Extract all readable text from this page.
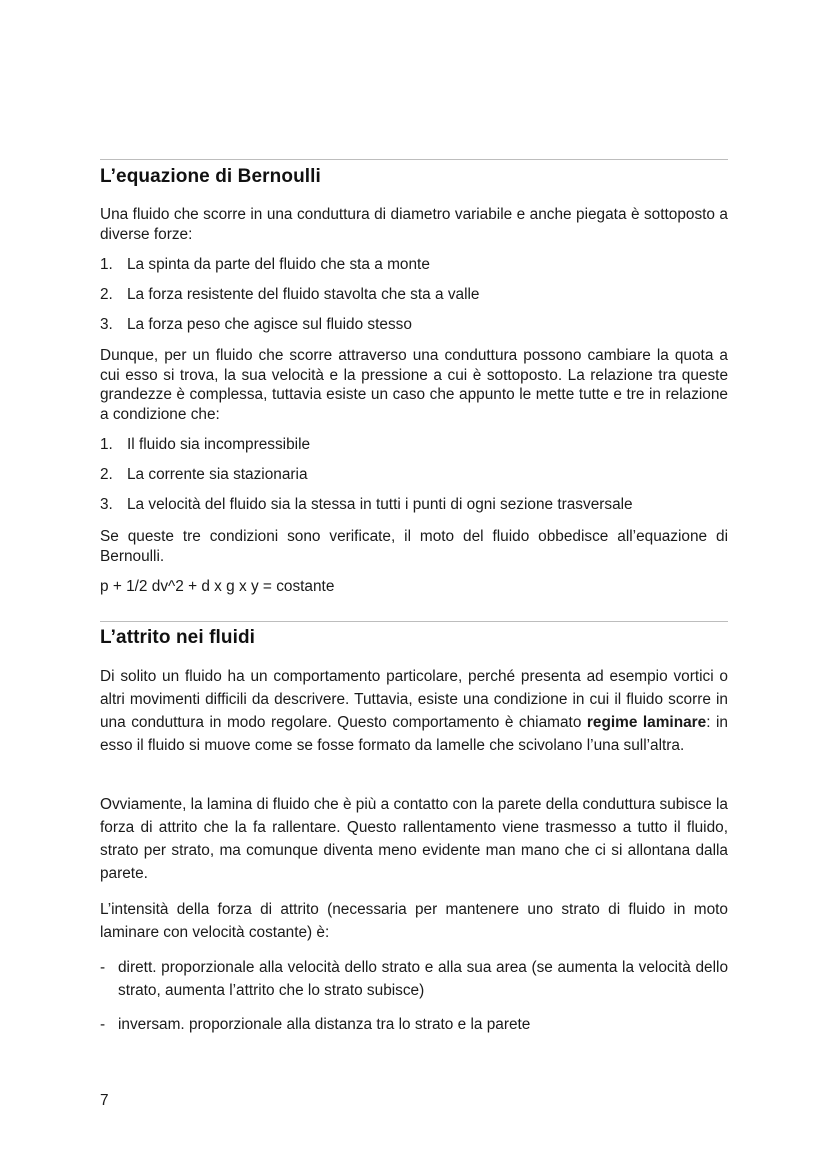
L’equazione di Bernoulli

Una fluido che scorre in una conduttura di diametro variabile e anche piegata è sottoposto a diverse forze:

1. La spinta da parte del fluido che sta a monte
2. La forza resistente del fluido stavolta che sta a valle
3. La forza peso che agisce sul fluido stesso

Dunque, per un fluido che scorre attraverso una conduttura possono cambiare la quota a cui esso si trova, la sua velocità e la pressione a cui è sottoposto. La relazione tra queste grandezze è complessa, tuttavia esiste un caso che appunto le mette tutte e tre in relazione a condizione che:

1. Il fluido sia incompressibile
2. La corrente sia stazionaria
3. La velocità del fluido sia la stessa in tutti i punti di ogni sezione trasversale

Se queste tre condizioni sono verificate, il moto del fluido obbedisce all’equazione di Bernoulli.

p + 1/2 dv^2 + d x g x y = costante

L’attrito nei fluidi

Di solito un fluido ha un comportamento particolare, perché presenta ad esempio vortici o altri movimenti difficili da descrivere. Tuttavia, esiste una condizione in cui il fluido scorre in una conduttura in modo regolare. Questo comportamento è chiamato regime laminare: in esso il fluido si muove come se fosse formato da lamelle che scivolano l’una sull’altra.

Ovviamente, la lamina di fluido che è più a contatto con la parete della conduttura subisce la forza di attrito che la fa rallentare. Questo rallentamento viene trasmesso a tutto il fluido, strato per strato, ma comunque diventa meno evidente man mano che ci si allontana dalla parete.

L’intensità della forza di attrito (necessaria per mantenere uno strato di fluido in moto laminare con velocità costante) è:

- dirett. proporzionale alla velocità dello strato e alla sua area (se aumenta la velocità dello strato, aumenta l’attrito che lo strato subisce)
- inversam. proporzionale alla distanza tra lo strato e la parete
7
